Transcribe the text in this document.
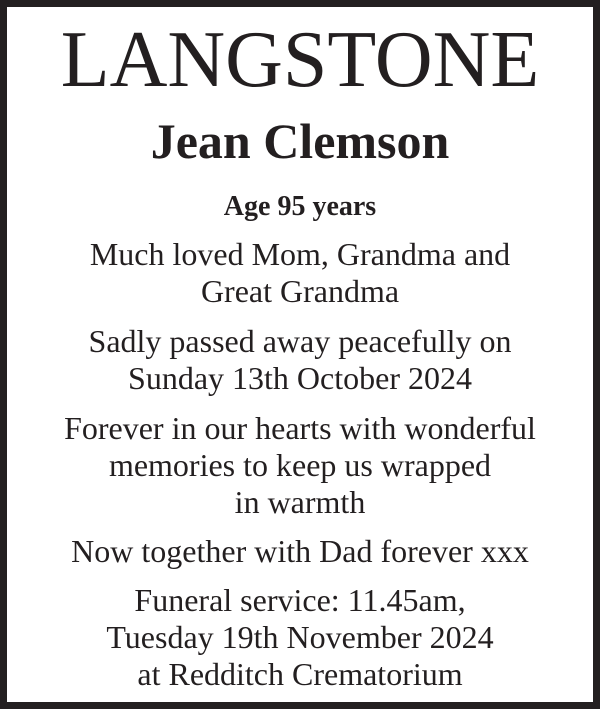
LANGSTONE
Jean Clemson
Age 95 years
Much loved Mom, Grandma and
Great Grandma
Sadly passed away peacefully on
Sunday 13th October 2024
Forever in our hearts with wonderful
memories to keep us wrapped
in warmth
Now together with Dad forever xxx
Funeral service: 11.45am,
Tuesday 19th November 2024
at Redditch Crematorium
